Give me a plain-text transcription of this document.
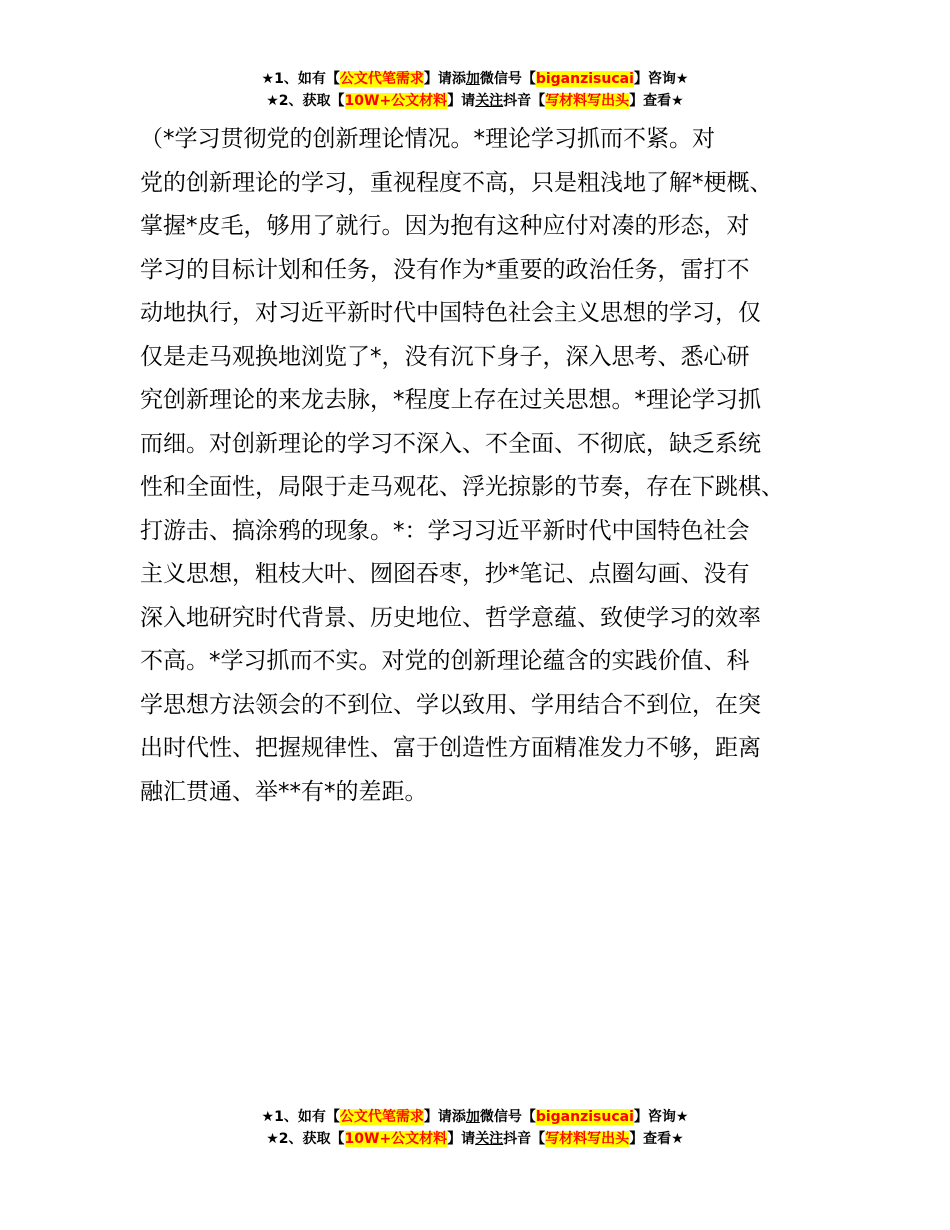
★1、如有【公文代笔需求】请添加微信号【biganzisucai】咨询★
★2、获取【10W+公文材料】请关注抖音【写材料写出头】查看★
（*学习贯彻党的创新理论情况。*理论学习抓而不紧。对
党的创新理论的学习，重视程度不高，只是粗浅地了解*梗概、
掌握*皮毛，够用了就行。因为抱有这种应付对凑的形态，对
学习的目标计划和任务，没有作为*重要的政治任务，雷打不
动地执行，对习近平新时代中国特色社会主义思想的学习，仅
仅是走马观换地浏览了*，没有沉下身子，深入思考、悉心研
究创新理论的来龙去脉，*程度上存在过关思想。*理论学习抓
而细。对创新理论的学习不深入、不全面、不彻底，缺乏系统
性和全面性，局限于走马观花、浮光掠影的节奏，存在下跳棋、
打游击、搞涂鸦的现象。*：学习习近平新时代中国特色社会
主义思想，粗枝大叶、囫囵吞枣，抄*笔记、点圈勾画、没有
深入地研究时代背景、历史地位、哲学意蕴、致使学习的效率
不高。*学习抓而不实。对党的创新理论蕴含的实践价值、科
学思想方法领会的不到位、学以致用、学用结合不到位，在突
出时代性、把握规律性、富于创造性方面精准发力不够，距离
融汇贯通、举**有*的差距。
★1、如有【公文代笔需求】请添加微信号【biganzisucai】咨询★
★2、获取【10W+公文材料】请关注抖音【写材料写出头】查看★
